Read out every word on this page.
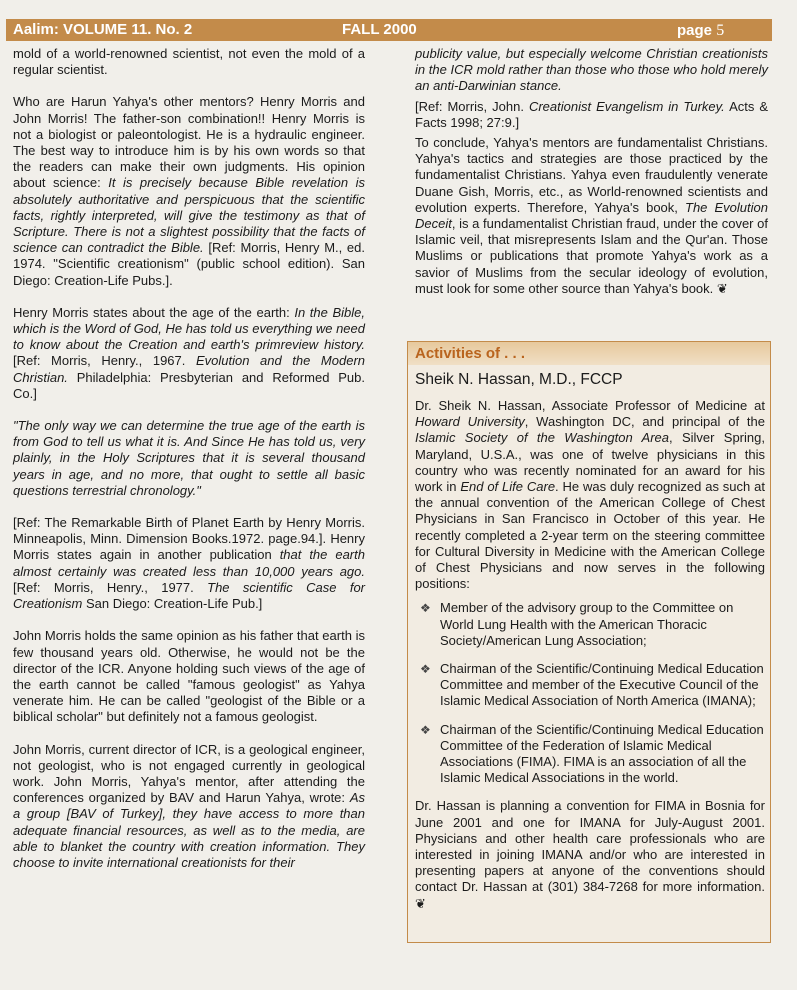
Aalim: VOLUME 11. No. 2	FALL 2000	page 5

mold of a world-renowned scientist, not even the mold of a regular scientist.

Who are Harun Yahya's other mentors? Henry Morris and John Morris! The father-son combination!! Henry Morris is not a biologist or paleontologist. He is a hydraulic engineer. The best way to introduce him is by his own words so that the readers can make their own judgments. His opinion about science: It is precisely because Bible revelation is absolutely authoritative and perspicuous that the scientific facts, rightly interpreted, will give the testimony as that of Scripture. There is not a slightest possibility that the facts of science can contradict the Bible. [Ref: Morris, Henry M., ed. 1974. "Scientific creationism" (public school edition). San Diego: Creation-Life Pubs.].

Henry Morris states about the age of the earth: In the Bible, which is the Word of God, He has told us everything we need to know about the Creation and earth's primreview history. [Ref: Morris, Henry., 1967. Evolution and the Modern Christian. Philadelphia: Presbyterian and Reformed Pub. Co.]

"The only way we can determine the true age of the earth is from God to tell us what it is. And Since He has told us, very plainly, in the Holy Scriptures that it is several thousand years in age, and no more, that ought to settle all basic questions terrestrial chronology."

[Ref: The Remarkable Birth of Planet Earth by Henry Morris. Minneapolis, Minn. Dimension Books.1972. page.94.]. Henry Morris states again in another publication that the earth almost certainly was created less than 10,000 years ago. [Ref: Morris, Henry., 1977. The scientific Case for Creationism San Diego: Creation-Life Pub.]

John Morris holds the same opinion as his father that earth is few thousand years old. Otherwise, he would not be the director of the ICR. Anyone holding such views of the age of the earth cannot be called "famous geologist" as Yahya venerate him. He can be called "geologist of the Bible or a biblical scholar" but definitely not a famous geologist.

John Morris, current director of ICR, is a geological engineer, not geologist, who is not engaged currently in geological work. John Morris, Yahya's mentor, after attending the conferences organized by BAV and Harun Yahya, wrote: As a group [BAV of Turkey], they have access to more than adequate financial resources, as well as to the media, are able to blanket the country with creation information. They choose to invite international creationists for their

publicity value, but especially welcome Christian creationists in the ICR mold rather than those who those who hold merely an anti-Darwinian stance.

[Ref: Morris, John. Creationist Evangelism in Turkey. Acts & Facts 1998; 27:9.]

To conclude, Yahya's mentors are fundamentalist Christians. Yahya's tactics and strategies are those practiced by the fundamentalist Christians. Yahya even fraudulently venerate Duane Gish, Morris, etc., as World-renowned scientists and evolution experts. Therefore, Yahya's book, The Evolution Deceit, is a fundamentalist Christian fraud, under the cover of Islamic veil, that misrepresents Islam and the Qur'an. Those Muslims or publications that promote Yahya's work as a savior of Muslims from the secular ideology of evolution, must look for some other source than Yahya's book. ❦

Activities of . . .
Sheik N. Hassan, M.D., FCCP

Dr. Sheik N. Hassan, Associate Professor of Medicine at Howard University, Washington DC, and principal of the Islamic Society of the Washington Area, Silver Spring, Maryland, U.S.A., was one of twelve physicians in this country who was recently nominated for an award for his work in End of Life Care. He was duly recognized as such at the annual convention of the American College of Chest Physicians in San Francisco in October of this year. He recently completed a 2-year term on the steering committee for Cultural Diversity in Medicine with the American College of Chest Physicians and now serves in the following positions:

❖ Member of the advisory group to the Committee on World Lung Health with the American Thoracic Society/American Lung Association;
❖ Chairman of the Scientific/Continuing Medical Education Committee and member of the Executive Council of the Islamic Medical Association of North America (IMANA);
❖ Chairman of the Scientific/Continuing Medical Education Committee of the Federation of Islamic Medical Associations (FIMA). FIMA is an association of all the Islamic Medical Associations in the world.

Dr. Hassan is planning a convention for FIMA in Bosnia for June 2001 and one for IMANA for July-August 2001. Physicians and other health care professionals who are interested in joining IMANA and/or who are interested in presenting papers at anyone of the conventions should contact Dr. Hassan at (301) 384-7268 for more information. ❦
